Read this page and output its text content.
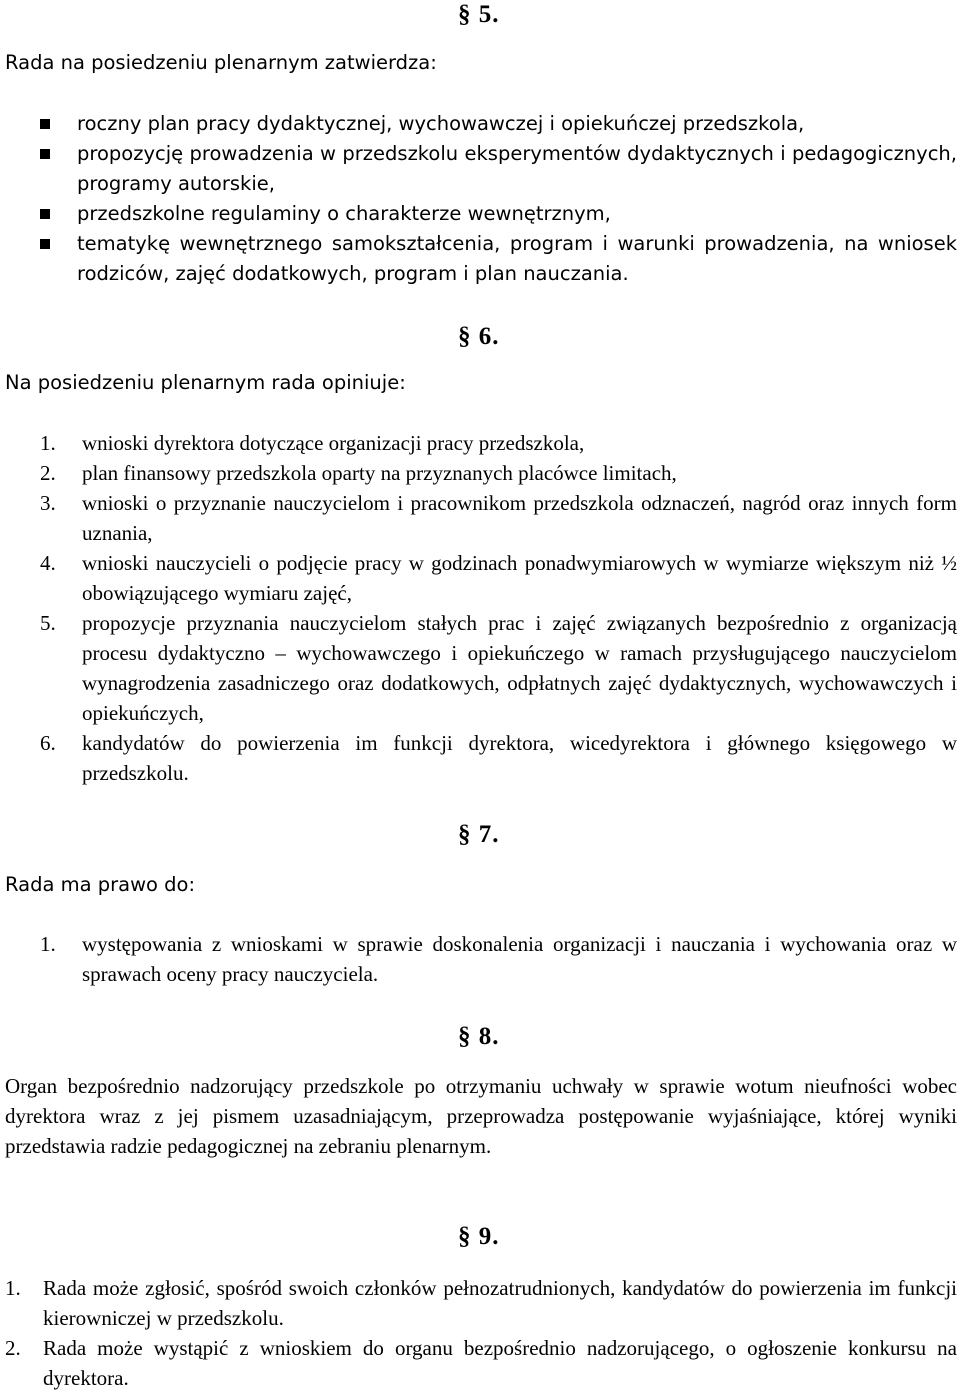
§ 5.
Rada na posiedzeniu plenarnym zatwierdza:
roczny plan pracy dydaktycznej, wychowawczej i opiekuńczej przedszkola,
propozycję prowadzenia w przedszkolu eksperymentów dydaktycznych i pedagogicznych, programy autorskie,
przedszkolne regulaminy o charakterze wewnętrznym,
tematykę wewnętrznego samokształcenia, program i warunki prowadzenia, na wniosek rodziców, zajęć dodatkowych, program i plan nauczania.
§ 6.
Na posiedzeniu plenarnym rada opiniuje:
1. wnioski dyrektora dotyczące organizacji pracy przedszkola,
2. plan finansowy przedszkola oparty na przyznanych placówce limitach,
3. wnioski o przyznanie nauczycielom i pracownikom przedszkola odznaczeń, nagród oraz innych form uznania,
4. wnioski nauczycieli o podjęcie pracy w godzinach ponadwymiarowych w wymiarze większym niż ½ obowiązującego wymiaru zajęć,
5. propozycje przyznania nauczycielom stałych prac i zajęć związanych bezpośrednio z organizacją procesu dydaktyczno – wychowawczego i opiekuńczego w ramach przysługującego nauczycielom wynagrodzenia zasadniczego oraz dodatkowych, odpłatnych zajęć dydaktycznych, wychowawczych i opiekuńczych,
6. kandydatów do powierzenia im funkcji dyrektora, wicedyrektora i głównego księgowego w przedszkolu.
§ 7.
Rada ma prawo do:
1. występowania z wnioskami w sprawie doskonalenia organizacji i nauczania i wychowania oraz w sprawach oceny pracy nauczyciela.
§ 8.
Organ bezpośrednio nadzorujący przedszkole po otrzymaniu uchwały w sprawie wotum nieufności wobec dyrektora wraz z jej pismem uzasadniającym, przeprowadza postępowanie wyjaśniające, której wyniki przedstawia radzie pedagogicznej na zebraniu plenarnym.
§ 9.
1. Rada może zgłosić, spośród swoich członków pełnozatrudnionych, kandydatów do powierzenia im funkcji kierowniczej w przedszkolu.
2. Rada może wystąpić z wnioskiem do organu bezpośrednio nadzorującego, o ogłoszenie konkursu na dyrektora.
